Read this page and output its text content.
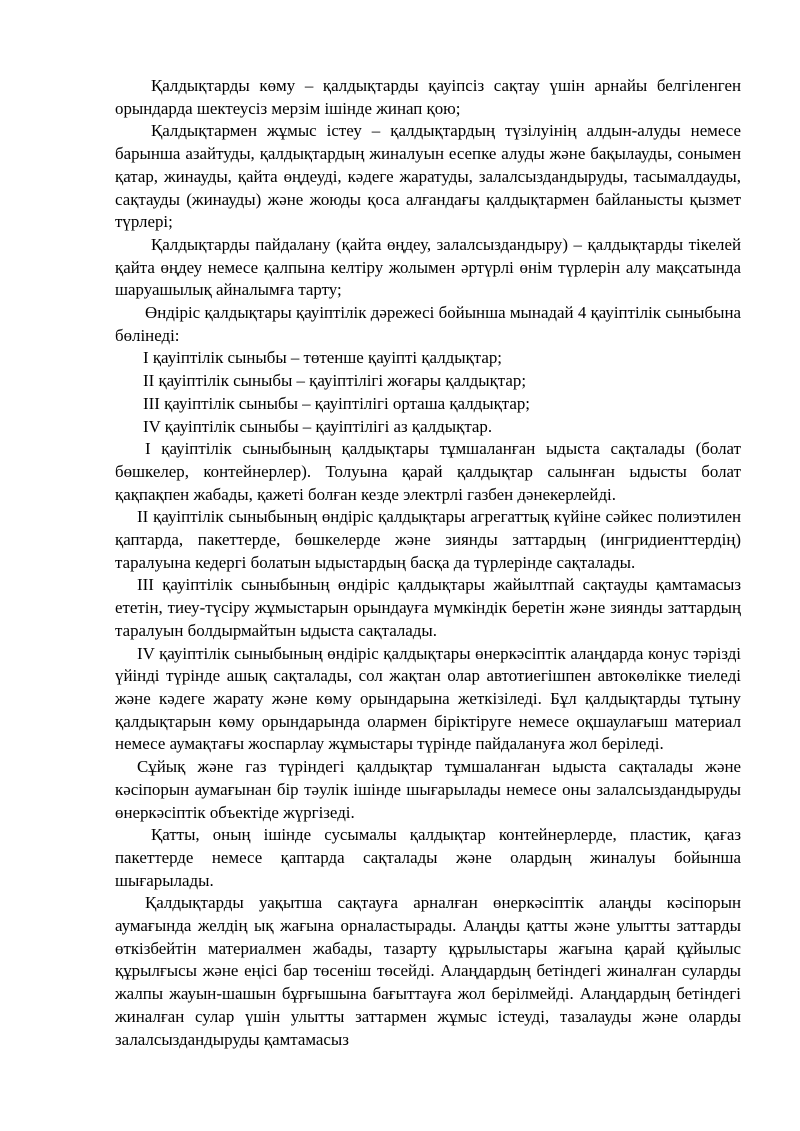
Қалдықтарды көму – қалдықтарды қауіпсіз сақтау үшін арнайы белгіленген орындарда шектеусіз мерзім ішінде жинап қою;

Қалдықтармен жұмыс істеу – қалдықтардың түзілуінің алдын-алуды немесе барынша азайтуды, қалдықтардың жиналуын есепке алуды және бақылауды, сонымен қатар, жинауды, қайта өңдеуді, кәдеге жаратуды, залалсыздандыруды, тасымалдауды, сақтауды (жинауды) және жоюды қоса алғандағы қалдықтармен байланысты қызмет түрлері;

Қалдықтарды пайдалану (қайта өңдеу, залалсыздандыру) – қалдықтарды тікелей қайта өңдеу немесе қалпына келтіру жолымен әртүрлі өнім түрлерін алу мақсатында шаруашылық айналымға тарту;

Өндіріс қалдықтары қауіптілік дәрежесі бойынша мынадай 4 қауіптілік сыныбына бөлінеді:

I қауіптілік сыныбы – төтенше қауіпті қалдықтар;

II қауіптілік сыныбы – қауіптілігі жоғары қалдықтар;

III қауіптілік сыныбы – қауіптілігі орташа қалдықтар;

IV қауіптілік сыныбы – қауіптілігі аз қалдықтар.

I қауіптілік сыныбының қалдықтары тұмшаланған ыдыста сақталады (болат бөшкелер, контейнерлер). Толуына қарай қалдықтар салынған ыдысты болат қақпақпен жабады, қажеті болған кезде электрлі газбен дәнекерлейді.

II қауіптілік сыныбының өндіріс қалдықтары агрегаттық күйіне сәйкес полиэтилен қаптарда, пакеттерде, бөшкелерде және зиянды заттардың (ингридиенттердің) таралуына кедергі болатын ыдыстардың басқа да түрлерінде сақталады.

III қауіптілік сыныбының өндіріс қалдықтары жайылтпай сақтауды қамтамасыз ететін, тиеу-түсіру жұмыстарын орындауға мүмкіндік беретін және зиянды заттардың таралуын болдырмайтын ыдыста сақталады.

IV қауіптілік сыныбының өндіріс қалдықтары өнеркәсіптік алаңдарда конус тәрізді үйінді түрінде ашық сақталады, сол жақтан олар автотиегішпен автокөлікке тиеледі және кәдеге жарату және көму орындарына жеткізіледі. Бұл қалдықтарды тұтыну қалдықтарын көму орындарында олармен біріктіруге немесе оқшаулағыш материал немесе аумақтағы жоспарлау жұмыстары түрінде пайдалануға жол беріледі.

Сұйық және газ түріндегі қалдықтар тұмшаланған ыдыста сақталады және кәсіпорын аумағынан бір тәулік ішінде шығарылады немесе оны залалсыздандыруды өнеркәсіптік объектіде жүргізеді.

Қатты, оның ішінде сусымалы қалдықтар контейнерлерде, пластик, қағаз пакеттерде немесе қаптарда сақталады және олардың жиналуы бойынша шығарылады.

Қалдықтарды уақытша сақтауға арналған өнеркәсіптік алаңды кәсіпорын аумағында желдің ық жағына орналастырады. Алаңды қатты және улытты заттарды өткізбейтін материалмен жабады, тазарту құрылыстары жағына қарай құйылыс құрылғысы және еңісі бар төсеніш төсейді. Алаңдардың бетіндегі жиналған суларды жалпы жауын-шашын бұрғышына бағыттауға жол берілмейді. Алаңдардың бетіндегі жиналған сулар үшін улытты заттармен жұмыс істеуді, тазалауды және оларды залалсыздандыруды қамтамасыз
